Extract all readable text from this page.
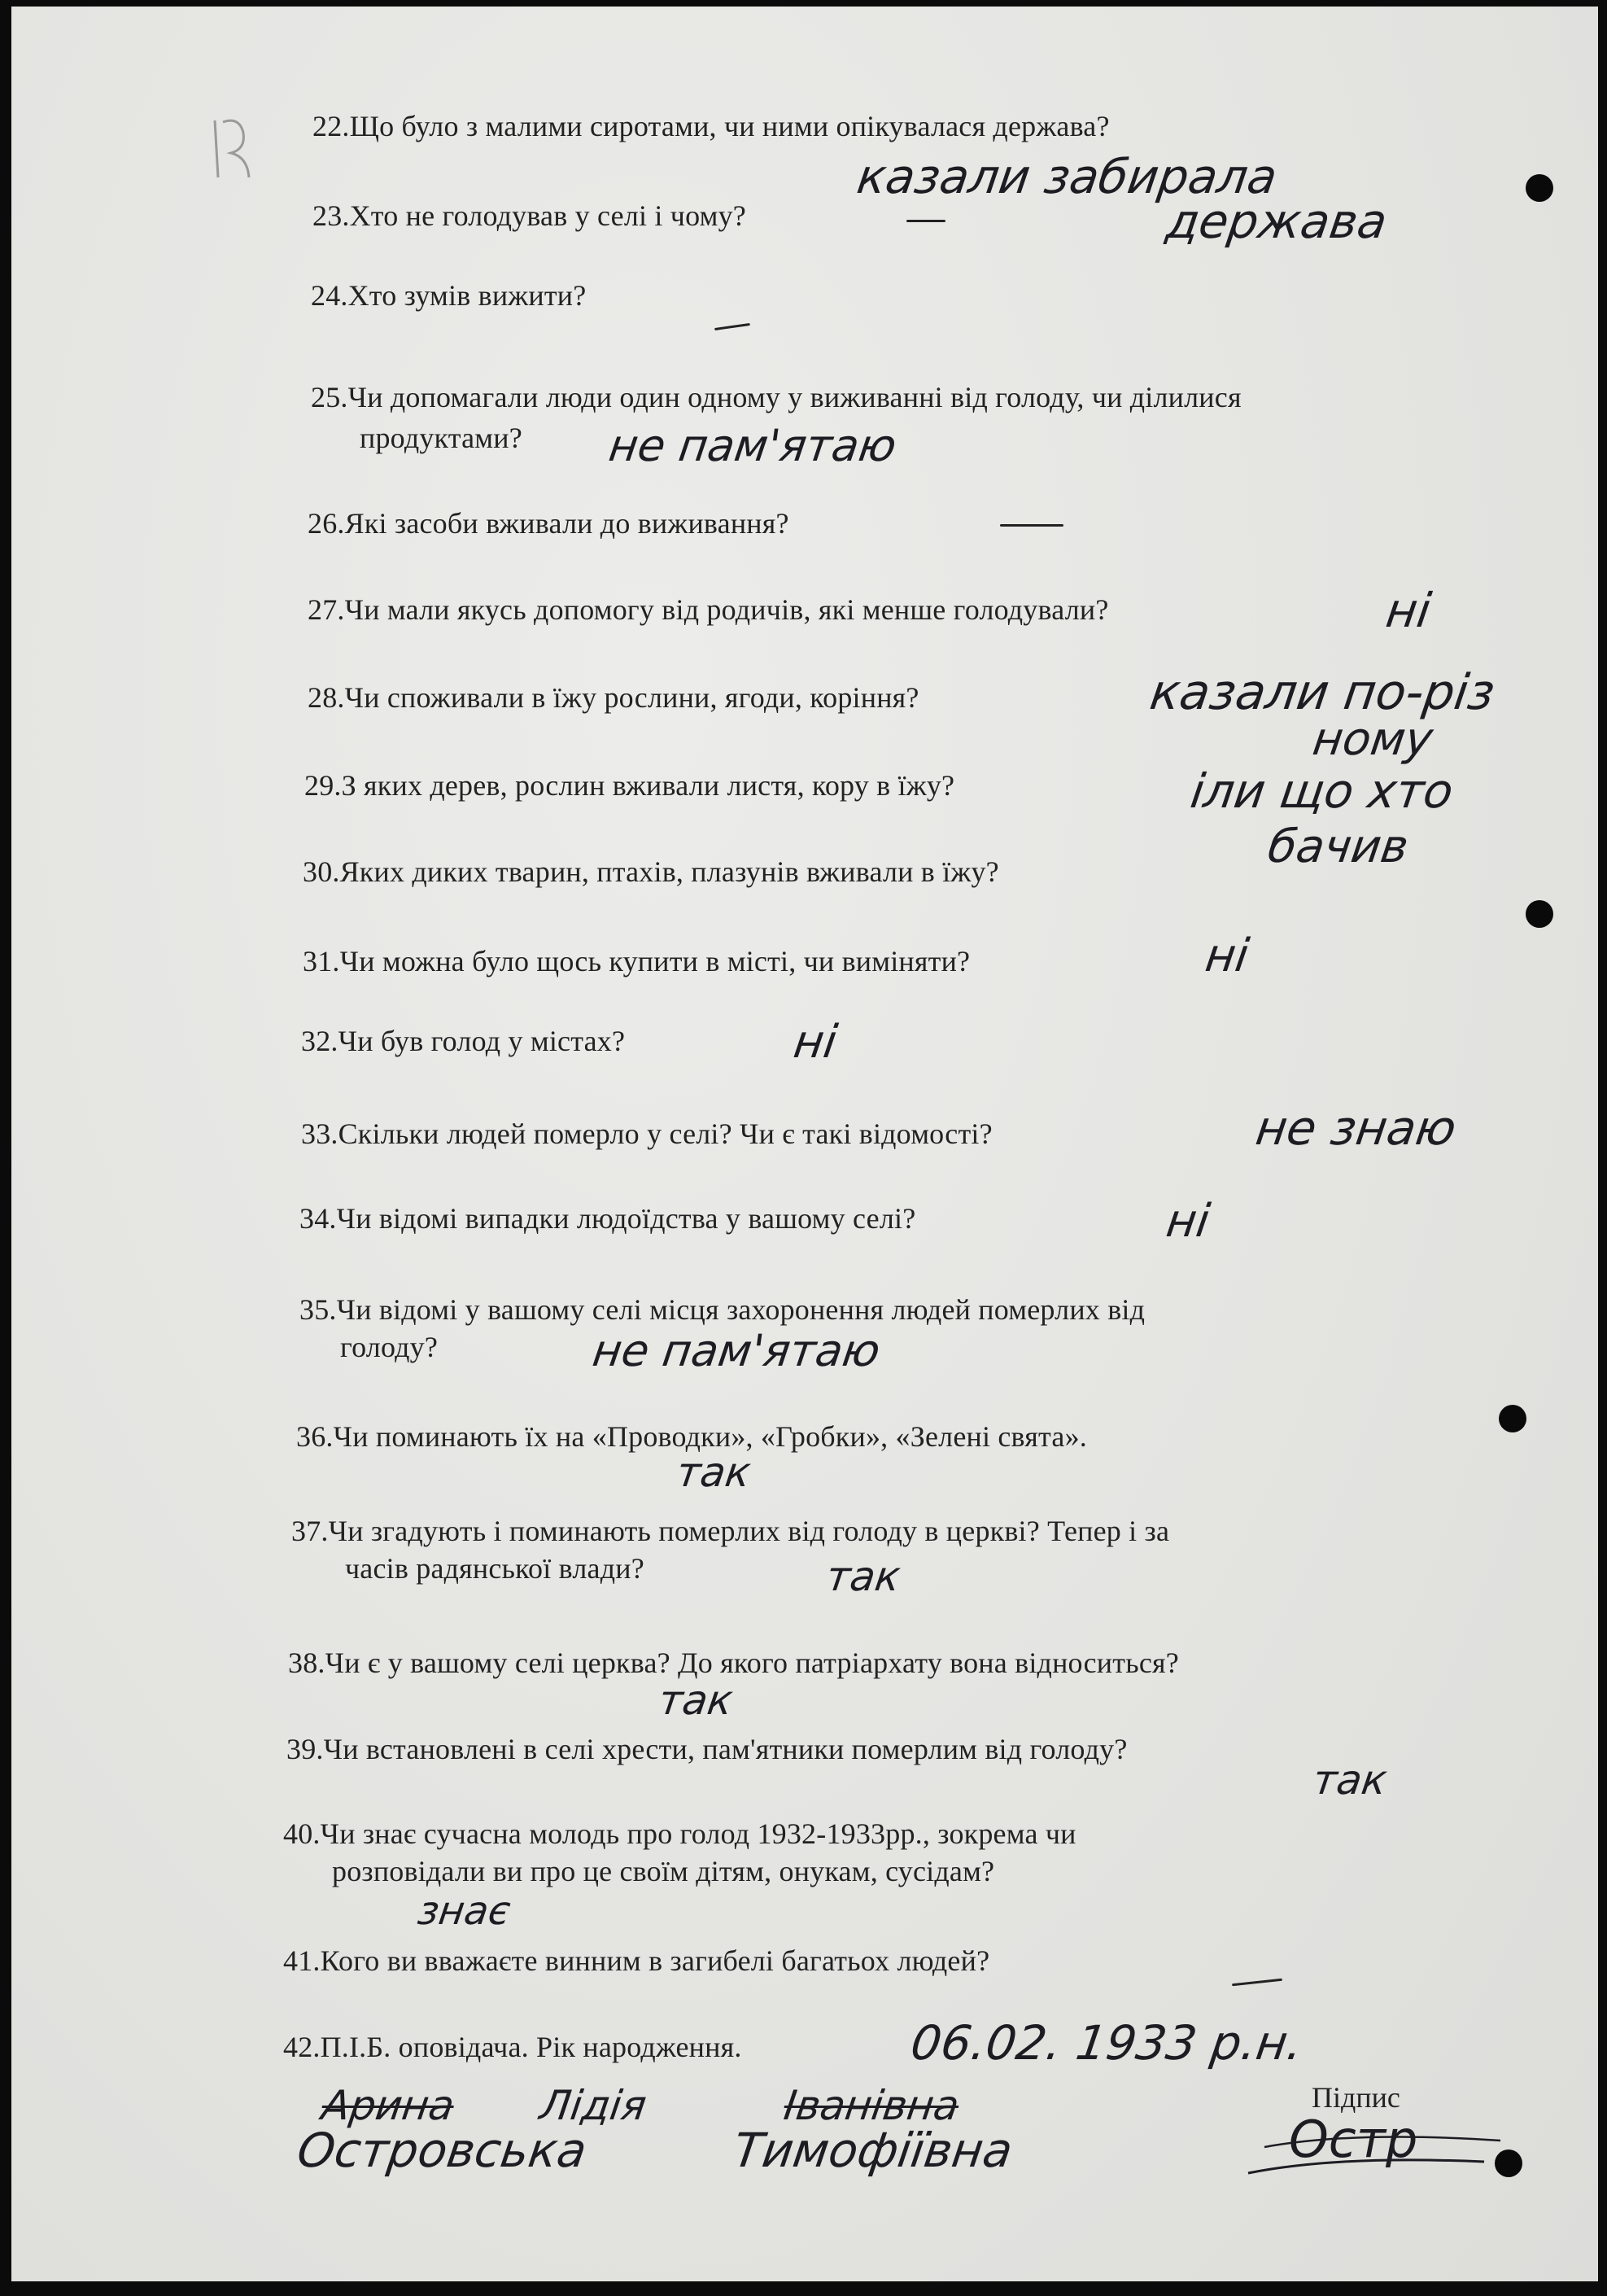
22.Що було з малими сиротами, чи ними опікувалася держава?
казали забирала
23.Хто не голодував у селі і чому?	держава
24.Хто зумів вижити?
25.Чи допомагали люди один одному у виживанні від голоду, чи ділилися
продуктами?	не пам'ятаю
26.Які засоби вживали до виживання?
27.Чи мали якусь допомогу від родичів, які менше голодували?	ні
28.Чи споживали в їжу рослини, ягоди, коріння?	казали по-різ
ному
29.З яких дерев, рослин вживали листя, кору в їжу?	іли що хто
30.Яких диких тварин, птахів, плазунів вживали в їжу?	бачив
31.Чи можна було щось купити в місті, чи виміняти?	ні
32.Чи був голод у містах?	ні
33.Скільки людей померло у селі? Чи є такі відомості?	не знаю
34.Чи відомі випадки людоїдства у вашому селі?	ні
35.Чи відомі у вашому селі місця захоронення людей померлих від
голоду?	не пам'ятаю
36.Чи поминають їх на «Проводки», «Гробки», «Зелені свята».
так
37.Чи згадують і поминають померлих від голоду в церкві? Тепер і за
часів радянської влади?	так
38.Чи є у вашому селі церква? До якого патріархату вона відноситься?
так
39.Чи встановлені в селі хрести, пам'ятники померлим від голоду?
так
40.Чи знає сучасна молодь про голод 1932-1933рр., зокрема чи
розповідали ви про це своїм дітям, онукам, сусідам?
знає
41.Кого ви вважаєте винним в загибелі багатьох людей?
42.П.І.Б. оповідача. Рік народження.	06.02. 1933 р.н.
Арина Лідія	Іванівна
Островська	Тимофіївна
Підпис
Остр
